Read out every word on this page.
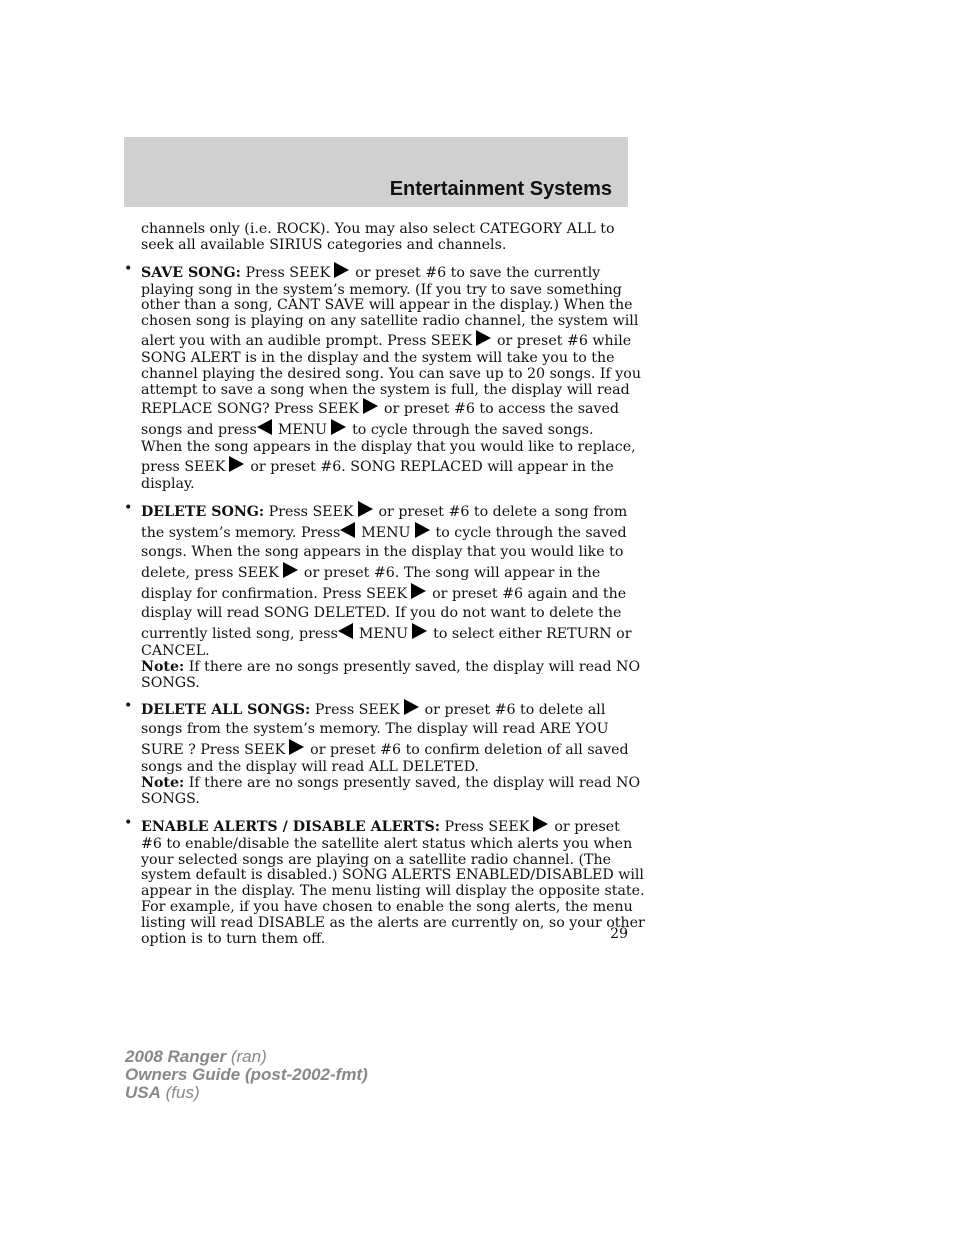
Entertainment Systems

channels only (i.e. ROCK). You may also select CATEGORY ALL to
seek all available SIRIUS categories and channels.

• SAVE SONG: Press SEEK or preset #6 to save the currently
playing song in the system’s memory. (If you try to save something
other than a song, CANT SAVE will appear in the display.) When the
chosen song is playing on any satellite radio channel, the system will
alert you with an audible prompt. Press SEEK or preset #6 while
SONG ALERT is in the display and the system will take you to the
channel playing the desired song. You can save up to 20 songs. If you
attempt to save a song when the system is full, the display will read
REPLACE SONG? Press SEEK or preset #6 to access the saved
songs and press MENU to cycle through the saved songs.
When the song appears in the display that you would like to replace,
press SEEK or preset #6. SONG REPLACED will appear in the
display.
• DELETE SONG: Press SEEK or preset #6 to delete a song from
the system’s memory. Press MENU to cycle through the saved
songs. When the song appears in the display that you would like to
delete, press SEEK or preset #6. The song will appear in the
display for confirmation. Press SEEK or preset #6 again and the
display will read SONG DELETED. If you do not want to delete the
currently listed song, press MENU to select either RETURN or
CANCEL.
Note: If there are no songs presently saved, the display will read NO
SONGS.
• DELETE ALL SONGS: Press SEEK or preset #6 to delete all
songs from the system’s memory. The display will read ARE YOU
SURE ? Press SEEK or preset #6 to confirm deletion of all saved
songs and the display will read ALL DELETED.
Note: If there are no songs presently saved, the display will read NO
SONGS.
• ENABLE ALERTS / DISABLE ALERTS: Press SEEK or preset
#6 to enable/disable the satellite alert status which alerts you when
your selected songs are playing on a satellite radio channel. (The
system default is disabled.) SONG ALERTS ENABLED/DISABLED will
appear in the display. The menu listing will display the opposite state.
For example, if you have chosen to enable the song alerts, the menu
listing will read DISABLE as the alerts are currently on, so your other
option is to turn them off.	29
2008 Ranger (ran)
Owners Guide (post-2002-fmt)
USA (fus)
